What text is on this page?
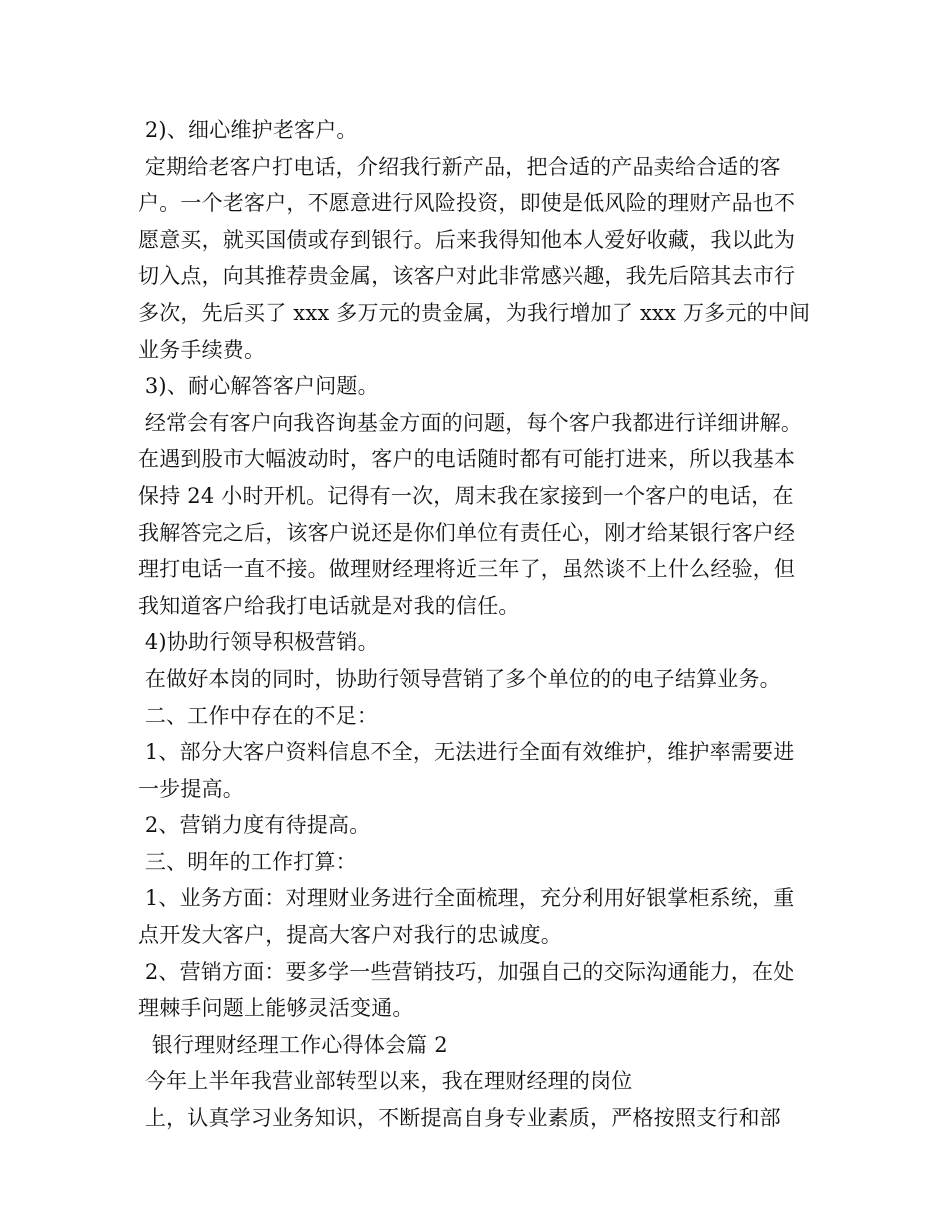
2)、细心维护老客户。
定期给老客户打电话，介绍我行新产品，把合适的产品卖给合适的客
户。一个老客户，不愿意进行风险投资，即使是低风险的理财产品也不
愿意买，就买国债或存到银行。后来我得知他本人爱好收藏，我以此为
切入点，向其推荐贵金属，该客户对此非常感兴趣，我先后陪其去市行
多次，先后买了 xxx 多万元的贵金属，为我行增加了 xxx 万多元的中间
业务手续费。
3)、耐心解答客户问题。
经常会有客户向我咨询基金方面的问题，每个客户我都进行详细讲解。
在遇到股市大幅波动时，客户的电话随时都有可能打进来，所以我基本
保持 24 小时开机。记得有一次，周末我在家接到一个客户的电话，在
我解答完之后，该客户说还是你们单位有责任心，刚才给某银行客户经
理打电话一直不接。做理财经理将近三年了，虽然谈不上什么经验，但
我知道客户给我打电话就是对我的信任。
4)协助行领导积极营销。
在做好本岗的同时，协助行领导营销了多个单位的的电子结算业务。
二、工作中存在的不足：
1、部分大客户资料信息不全，无法进行全面有效维护，维护率需要进
一步提高。
2、营销力度有待提高。
三、明年的工作打算：
1、业务方面：对理财业务进行全面梳理，充分利用好银掌柜系统，重
点开发大客户，提高大客户对我行的忠诚度。
2、营销方面：要多学一些营销技巧，加强自己的交际沟通能力，在处
理棘手问题上能够灵活变通。
银行理财经理工作心得体会篇 2
今年上半年我营业部转型以来，我在理财经理的岗位
上，认真学习业务知识，不断提高自身专业素质，严格按照支行和部
